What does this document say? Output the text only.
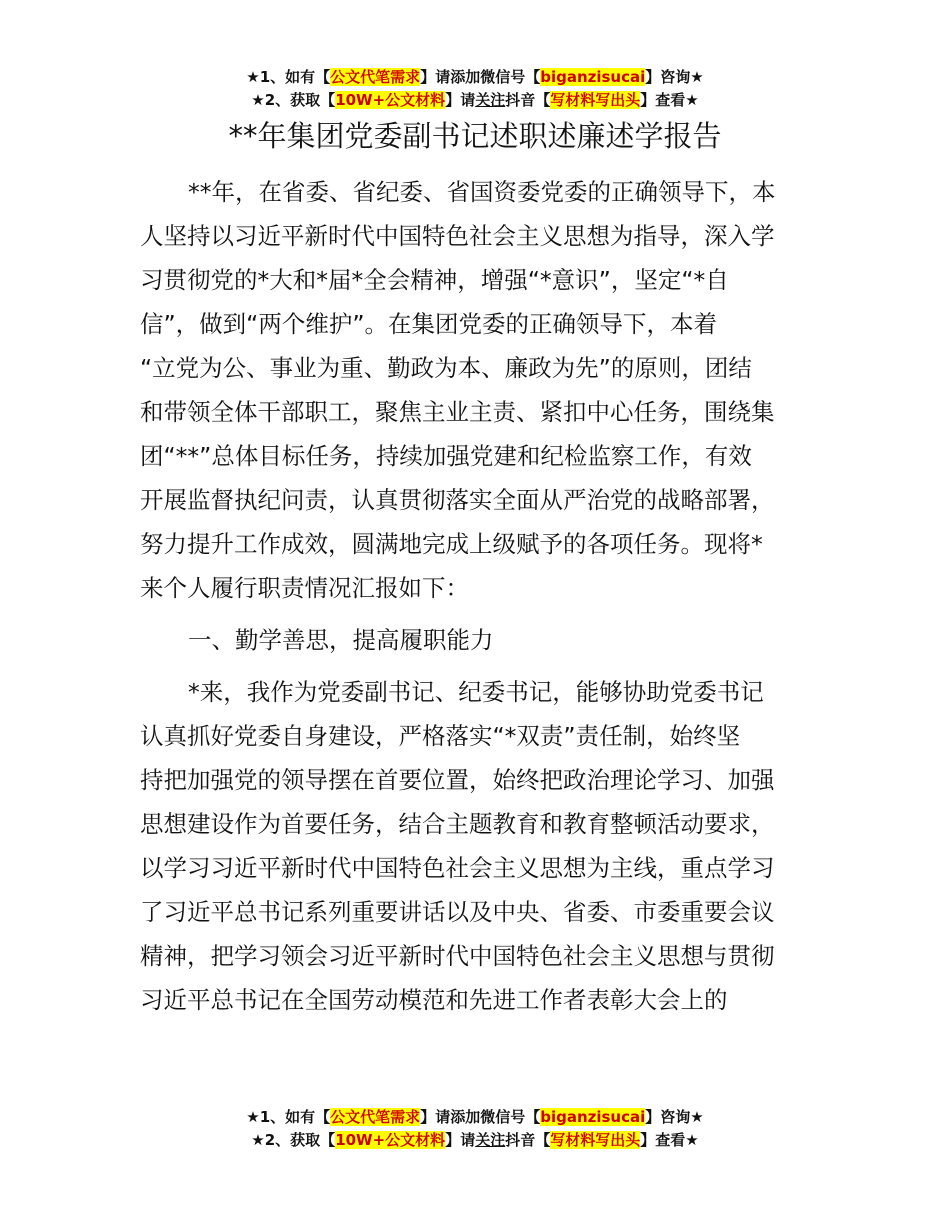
★1、如有【公文代笔需求】请添加微信号【biganzisucai】咨询★
★2、获取【10W+公文材料】请关注抖音【写材料写出头】查看★
**年集团党委副书记述职述廉述学报告

**年，在省委、省纪委、省国资委党委的正确领导下，本
人坚持以习近平新时代中国特色社会主义思想为指导，深入学
习贯彻党的*大和*届*全会精神，增强“*意识”，坚定“*自
信”，做到“两个维护”。在集团党委的正确领导下，本着
“立党为公、事业为重、勤政为本、廉政为先”的原则，团结
和带领全体干部职工，聚焦主业主责、紧扣中心任务，围绕集
团“**”总体目标任务，持续加强党建和纪检监察工作，有效
开展监督执纪问责，认真贯彻落实全面从严治党的战略部署，
努力提升工作成效，圆满地完成上级赋予的各项任务。现将*
来个人履行职责情况汇报如下：

一、勤学善思，提高履职能力

*来，我作为党委副书记、纪委书记，能够协助党委书记
认真抓好党委自身建设，严格落实“*双责”责任制，始终坚
持把加强党的领导摆在首要位置，始终把政治理论学习、加强
思想建设作为首要任务，结合主题教育和教育整顿活动要求，
以学习习近平新时代中国特色社会主义思想为主线，重点学习
了习近平总书记系列重要讲话以及中央、省委、市委重要会议
精神，把学习领会习近平新时代中国特色社会主义思想与贯彻
习近平总书记在全国劳动模范和先进工作者表彰大会上的

★1、如有【公文代笔需求】请添加微信号【biganzisucai】咨询★
★2、获取【10W+公文材料】请关注抖音【写材料写出头】查看★
